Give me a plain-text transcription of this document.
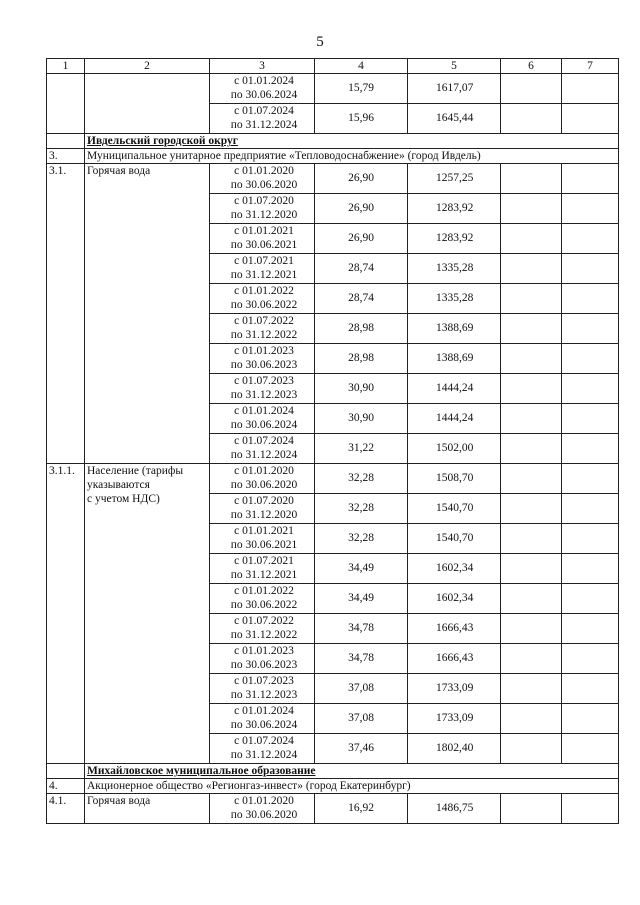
5
1	2	3	4	5	6	7

		с 01.01.2024
по 30.06.2024	15,79	1617,07		

		с 01.07.2024
по 31.12.2024	15,96	1645,44		

	Ивдельский городской округ					
3.	Муниципальное унитарное предприятие «Тепловодоснабжение» (город Ивдель)					
3.1.	Горячая вода	с 01.01.2020
по 30.06.2020	26,90	1257,25		

		с 01.07.2020
по 31.12.2020	26,90	1283,92		

		с 01.01.2021
по 30.06.2021	26,90	1283,92		

		с 01.07.2021
по 31.12.2021	28,74	1335,28		

		с 01.01.2022
по 30.06.2022	28,74	1335,28		

		с 01.07.2022
по 31.12.2022	28,98	1388,69		

		с 01.01.2023
по 30.06.2023	28,98	1388,69		

		с 01.07.2023
по 31.12.2023	30,90	1444,24		

		с 01.01.2024
по 30.06.2024	30,90	1444,24		

		с 01.07.2024
по 31.12.2024	31,22	1502,00		

3.1.1.	Население (тарифы
указываются
с учетом НДС)	с 01.01.2020
по 30.06.2020	32,28	1508,70		

		с 01.07.2020
по 31.12.2020	32,28	1540,70		

		с 01.01.2021
по 30.06.2021	32,28	1540,70		

		с 01.07.2021
по 31.12.2021	34,49	1602,34		

		с 01.01.2022
по 30.06.2022	34,49	1602,34		

		с 01.07.2022
по 31.12.2022	34,78	1666,43		

		с 01.01.2023
по 30.06.2023	34,78	1666,43		

		с 01.07.2023
по 31.12.2023	37,08	1733,09		

		с 01.01.2024
по 30.06.2024	37,08	1733,09		

		с 01.07.2024
по 31.12.2024	37,46	1802,40		

	Михайловское муниципальное образование					
4.	Акционерное общество «Регионгаз-инвест» (город Екатеринбург)					
4.1.	Горячая вода	с 01.01.2020
по 30.06.2020	16,92	1486,75		
